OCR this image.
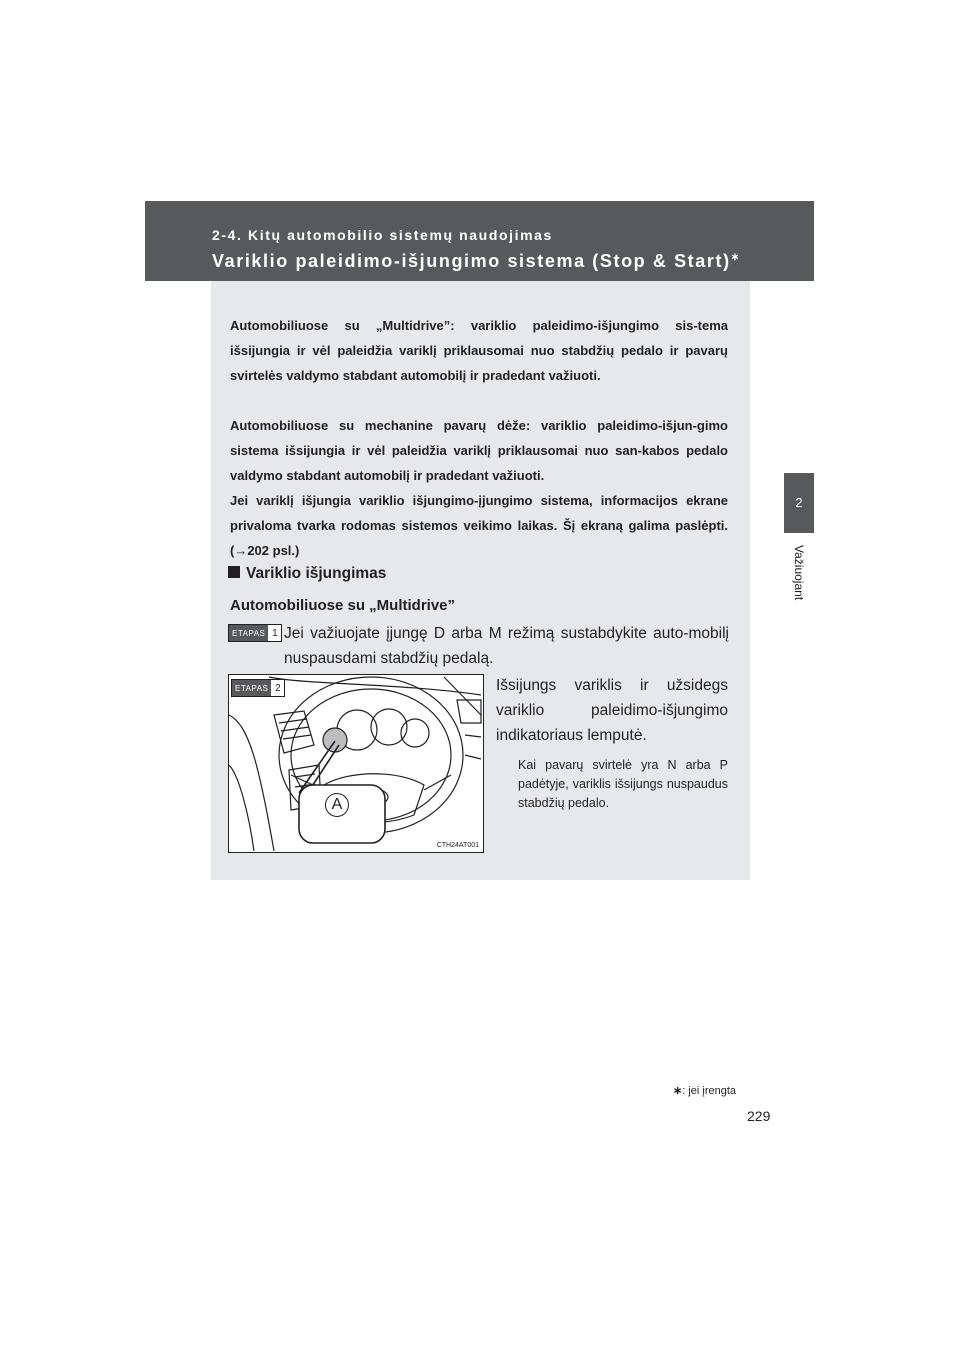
2-4. Kitų automobilio sistemų naudojimas
Variklio paleidimo-išjungimo sistema (Stop & Start)∗
2
Važiuojant

Automobiliuose su „Multidrive”: variklio paleidimo-išjungimo sis-tema išsijungia ir vėl paleidžia variklį priklausomai nuo stabdžių pedalo ir pavarų svirtelės valdymo stabdant automobilį ir pradedant važiuoti.

Automobiliuose su mechanine pavarų dėže: variklio paleidimo-išjun-gimo sistema išsijungia ir vėl paleidžia variklį priklausomai nuo san-kabos pedalo valdymo stabdant automobilį ir pradedant važiuoti.

Jei variklį išjungia variklio išjungimo-įjungimo sistema, informacijos ekrane privaloma tvarka rodomas sistemos veikimo laikas. Šį ekraną galima paslėpti. (→202 psl.)

Variklio išjungimas
Automobiliuose su „Multidrive”
ETAPAS 1 Jei važiuojate įjungę D arba M režimą sustabdykite auto-mobilį nuspausdami stabdžių pedalą.

ETAPAS 2
A
CTH24AT001

Išsijungs variklis ir užsidegs variklio paleidimo-išjungimo indikatoriaus lemputė.

Kai pavarų svirtelė yra N arba P padėtyje, variklis išsijungs nuspaudus stabdžių pedalo.

∗: jei įrengta
229
